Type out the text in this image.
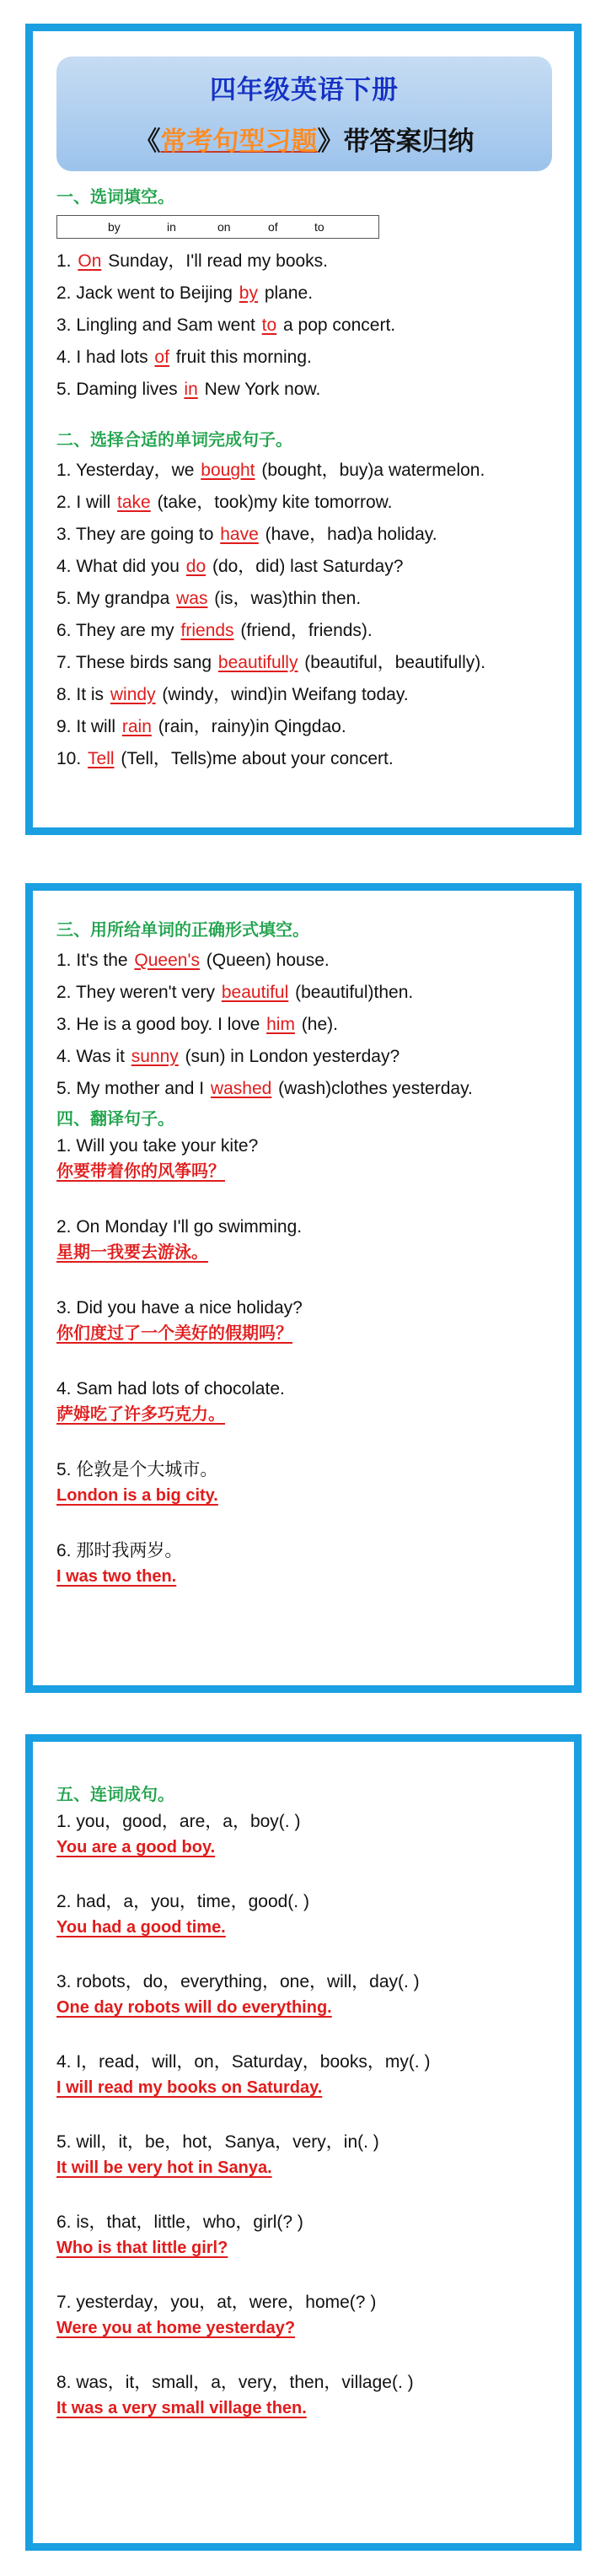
四年级英语下册
《常考句型习题》带答案归纳
一、选词填空。
by	in	on	of	to
1. On Sunday，I'll read my books.
2. Jack went to Beijing by plane.
3. Lingling and Sam went to a pop concert.
4. I had lots of fruit this morning.
5. Daming lives in New York now.
二、选择合适的单词完成句子。
1. Yesterday，we bought (bought，buy)a watermelon.
2. I will take (take，took)my kite tomorrow.
3. They are going to have (have，had)a holiday.
4. What did you do (do，did) last Saturday?
5. My grandpa was (is，was)thin then.
6. They are my friends (friend，friends).
7. These birds sang beautifully (beautiful，beautifully).
8. It is windy (windy，wind)in Weifang today.
9. It will rain (rain，rainy)in Qingdao.
10. Tell (Tell，Tells)me about your concert.
三、用所给单词的正确形式填空。
1. It's the Queen's (Queen) house.
2. They weren't very beautiful (beautiful)then.
3. He is a good boy. I love him (he).
4. Was it sunny (sun) in London yesterday?
5. My mother and I washed (wash)clothes yesterday.
四、翻译句子。
1. Will you take your kite?
你要带着你的风筝吗？
2. On Monday I'll go swimming.
星期一我要去游泳。
3. Did you have a nice holiday?
你们度过了一个美好的假期吗？
4. Sam had lots of chocolate.
萨姆吃了许多巧克力。
5. 伦敦是个大城市。
London is a big city.
6. 那时我两岁。
I was two then.
五、连词成句。
1. you，good，are，a，boy(. )
You are a good boy.
2. had，a，you，time，good(. )
You had a good time.
3. robots，do，everything，one，will，day(. )
One day robots will do everything.
4. I，read，will，on，Saturday，books，my(. )
I will read my books on Saturday.
5. will，it，be，hot，Sanya，very，in(. )
It will be very hot in Sanya.
6. is，that，little，who，girl(? )
Who is that little girl?
7. yesterday，you，at，were，home(? )
Were you at home yesterday?
8. was，it，small，a，very，then，village(. )
It was a very small village then.
